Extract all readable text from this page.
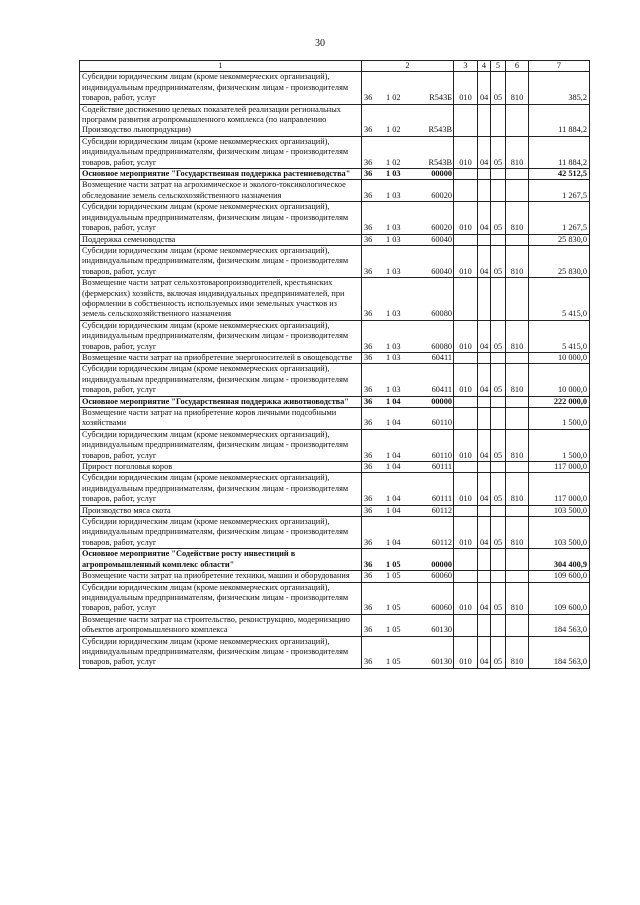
30
1	2	3	4	5	6	7
Субсидии юридическим лицам (кроме некоммерческих организаций), индивидуальным предпринимателям, физическим лицам - производителям товаров, работ, услуг	36 1 02 R543Б	010	04	05	810	385,2
Содействие достижению целевых показателей реализации региональных программ развития агропромышленного комплекса (по направлению Производство льнопродукции)	36 1 02 R543B					11 884,2
Субсидии юридическим лицам (кроме некоммерческих организаций), индивидуальным предпринимателям, физическим лицам - производителям товаров, работ, услуг	36 1 02 R543B	010	04	05	810	11 884,2
Основное мероприятие "Государственная поддержка растениеводства"	36 1 03 00000					42 512,5
Возмещение части затрат на агрохимическое и эколого-токсикологическое обследование земель сельскохозяйственного назначения	36 1 03 60020					1 267,5
Субсидии юридическим лицам (кроме некоммерческих организаций), индивидуальным предпринимателям, физическим лицам - производителям товаров, работ, услуг	36 1 03 60020	010	04	05	810	1 267,5
Поддержка семеноводства	36 1 03 60040					25 830,0
Субсидии юридическим лицам (кроме некоммерческих организаций), индивидуальным предпринимателям, физическим лицам - производителям товаров, работ, услуг	36 1 03 60040	010	04	05	810	25 830,0
Возмещение части затрат сельхозтоваропроизводителей, крестьянских (фермерских) хозяйств, включая индивидуальных предпринимателей, при оформлении в собственность используемых ими земельных участков из земель сельскохозяйственного назначения	36 1 03 60080					5 415,0
Субсидии юридическим лицам (кроме некоммерческих организаций), индивидуальным предпринимателям, физическим лицам - производителям товаров, работ, услуг	36 1 03 60080	010	04	05	810	5 415,0
Возмещение части затрат на приобретение энергоносителей в овощеводстве	36 1 03 60411					10 000,0
Субсидии юридическим лицам (кроме некоммерческих организаций), индивидуальным предпринимателям, физическим лицам - производителям товаров, работ, услуг	36 1 03 60411	010	04	05	810	10 000,0
Основное мероприятие "Государственная поддержка животноводства"	36 1 04 00000					222 000,0
Возмещение части затрат на приобретение коров личными подсобными хозяйствами	36 1 04 60110					1 500,0
Субсидии юридическим лицам (кроме некоммерческих организаций), индивидуальным предпринимателям, физическим лицам - производителям товаров, работ, услуг	36 1 04 60110	010	04	05	810	1 500,0
Прирост поголовья коров	36 1 04 60111					117 000,0
Субсидии юридическим лицам (кроме некоммерческих организаций), индивидуальным предпринимателям, физическим лицам - производителям товаров, работ, услуг	36 1 04 60111	010	04	05	810	117 000,0
Производство мяса скота	36 1 04 60112					103 500,0
Субсидии юридическим лицам (кроме некоммерческих организаций), индивидуальным предпринимателям, физическим лицам - производителям товаров, работ, услуг	36 1 04 60112	010	04	05	810	103 500,0
Основное мероприятие "Содействие росту инвестиций в агропромышленный комплекс области"	36 1 05 00000					304 400,9
Возмещение части затрат на приобретение техники, машин и оборудования	36 1 05 60060					109 600,0
Субсидии юридическим лицам (кроме некоммерческих организаций), индивидуальным предпринимателям, физическим лицам - производителям товаров, работ, услуг	36 1 05 60060	010	04	05	810	109 600,0
Возмещение части затрат на строительство, реконструкцию, модернизацию объектов агропромышленного комплекса	36 1 05 60130					184 563,0
Субсидии юридическим лицам (кроме некоммерческих организаций), индивидуальным предпринимателям, физическим лицам - производителям товаров, работ, услуг	36 1 05 60130	010	04	05	810	184 563,0
